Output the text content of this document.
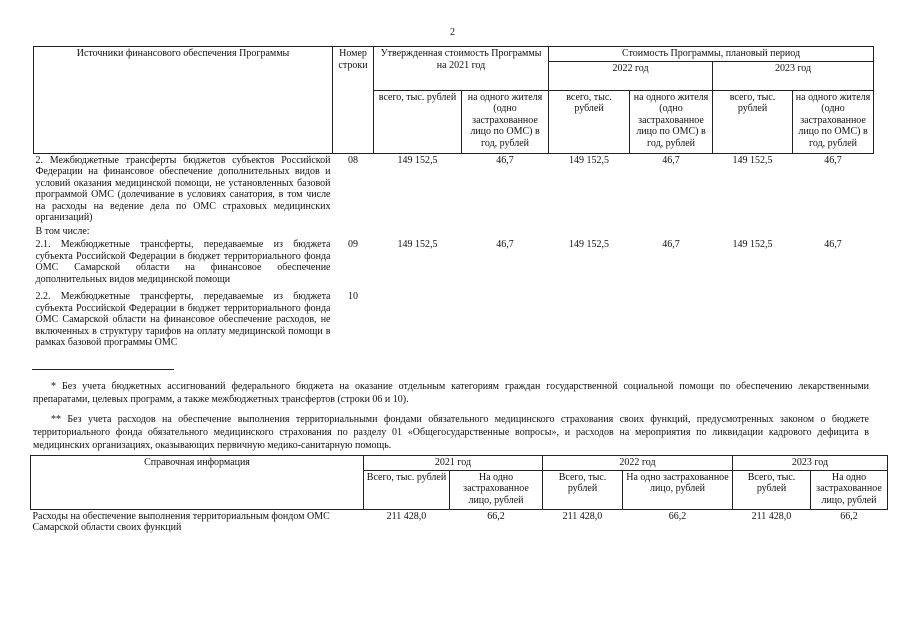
2
Источники финансового обеспечения Программы	Номер строки	Утвержденная стоимость Программы на 2021 год		Стоимость Программы, плановый период			
				2022 год		2023 год	
		всего, тыс. рублей	на одного жителя (одно застрахованное лицо по ОМС) в год, рублей	всего, тыс. рублей	на одного жителя (одно застрахованное лицо по ОМС) в год, рублей	всего, тыс. рублей	на одного жителя (одно застрахованное лицо по ОМС) в год, рублей
2. Межбюджетные трансферты бюджетов субъектов Российской Федерации на финансовое обеспечение дополнительных видов и условий оказания медицинской помощи, не установленных базовой программой ОМС (долечивание в условиях санатория, в том числе на расходы на ведение дела по ОМС страховых медицинских организаций)	08	149 152,5	46,7	149 152,5	46,7	149 152,5	46,7
В том числе:							
2.1. Межбюджетные трансферты, передаваемые из бюджета субъекта Российской Федерации в бюджет территориального фонда ОМС Самарской области на финансовое обеспечение дополнительных видов медицинской помощи	09	149 152,5	46,7	149 152,5	46,7	149 152,5	46,7
2.2. Межбюджетные трансферты, передаваемые из бюджета субъекта Российской Федерации в бюджет территориального фонда ОМС Самарской области на финансовое обеспечение расходов, не включенных в структуру тарифов на оплату медицинской помощи в рамках базовой программы ОМС	10						
* Без учета бюджетных ассигнований федерального бюджета на оказание отдельным категориям граждан государственной социальной помощи по обеспечению лекарственными препаратами, целевых программ, а также межбюджетных трансфертов (строки 06 и 10).
** Без учета расходов на обеспечение выполнения территориальными фондами обязательного медицинского страхования своих функций, предусмотренных законом о бюджете территориального фонда обязательного медицинского страхования по разделу 01 «Общегосударственные вопросы», и расходов на мероприятия по ликвидации кадрового дефицита в медицинских организациях, оказывающих первичную медико-санитарную помощь.
Справочная информация	2021 год		2022 год		2023 год	
	Всего, тыс. рублей	На одно застрахованное лицо, рублей	Всего, тыс. рублей	На одно застрахованное лицо, рублей	Всего, тыс. рублей	На одно застрахованное лицо, рублей
Расходы на обеспечение выполнения территориальным фондом ОМС Самарской области своих функций	211 428,0	66,2	211 428,0	66,2	211 428,0	66,2
